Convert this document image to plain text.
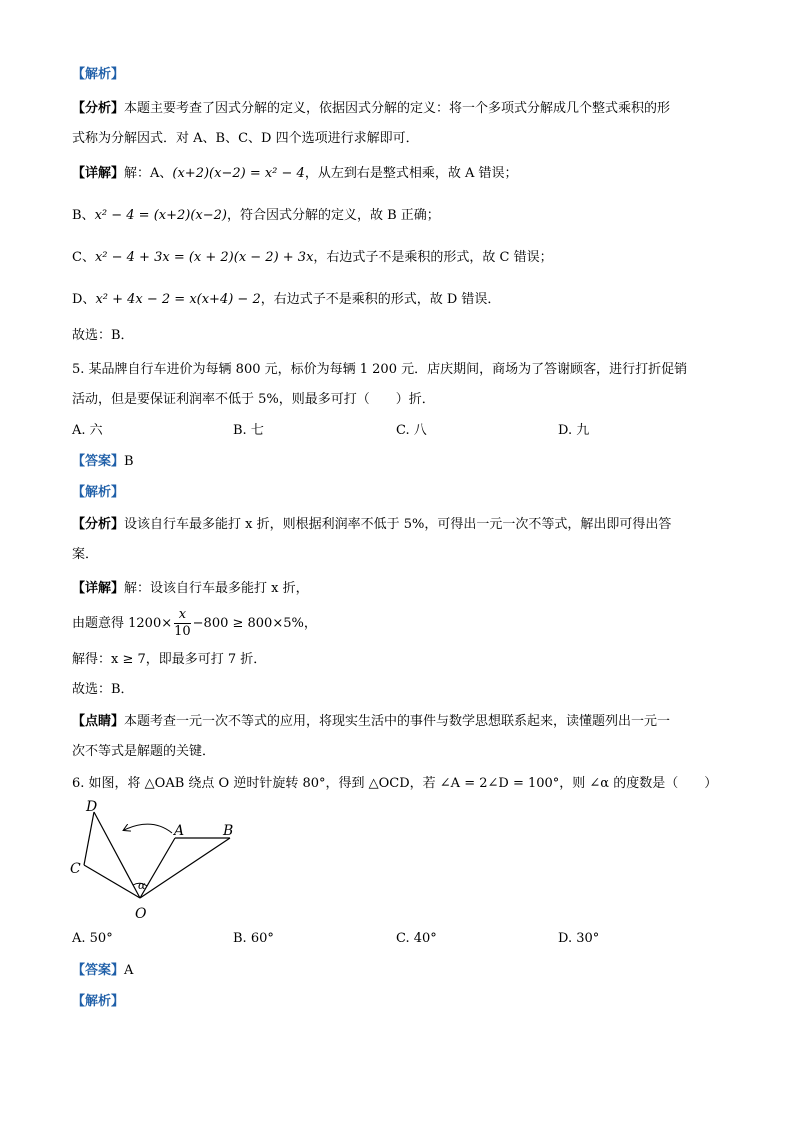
【解析】
【分析】本题主要考查了因式分解的定义，依据因式分解的定义：将一个多项式分解成几个整式乘积的形
式称为分解因式．对 A、B、C、D 四个选项进行求解即可．
【详解】解：A、(x+2)(x−2) = x² − 4，从左到右是整式相乘，故 A 错误；
B、x² − 4 = (x+2)(x−2)，符合因式分解的定义，故 B 正确；
C、x² − 4 + 3x = (x + 2)(x − 2) + 3x，右边式子不是乘积的形式，故 C 错误；
D、x² + 4x − 2 = x(x+4) − 2，右边式子不是乘积的形式，故 D 错误．
故选：B．
5. 某品牌自行车进价为每辆 800 元，标价为每辆 1 200 元．店庆期间，商场为了答谢顾客，进行打折促销
活动，但是要保证利润率不低于 5%，则最多可打（　　）折．
A. 六	B. 七	C. 八	D. 九
【答案】B
【解析】
【分析】设该自行车最多能打 x 折，则根据利润率不低于 5%，可得出一元一次不等式，解出即可得出答
案．
【详解】解：设该自行车最多能打 x 折，
由题意得 $1200\times \frac{x}{10} -800 \ge 800\times 5\%$，
解得：x ≥ 7，即最多可打 7 折．
故选：B．
【点睛】本题考查一元一次不等式的应用，将现实生活中的事件与数学思想联系起来，读懂题列出一元一
次不等式是解题的关键．
6. 如图，将 △OAB 绕点 O 逆时针旋转 80°，得到 △OCD，若 ∠A = 2∠D = 100°，则 ∠α 的度数是（　　）
D
C
O
A	B
α
A. 50°	B. 60°	C. 40°	D. 30°
【答案】A
【解析】
